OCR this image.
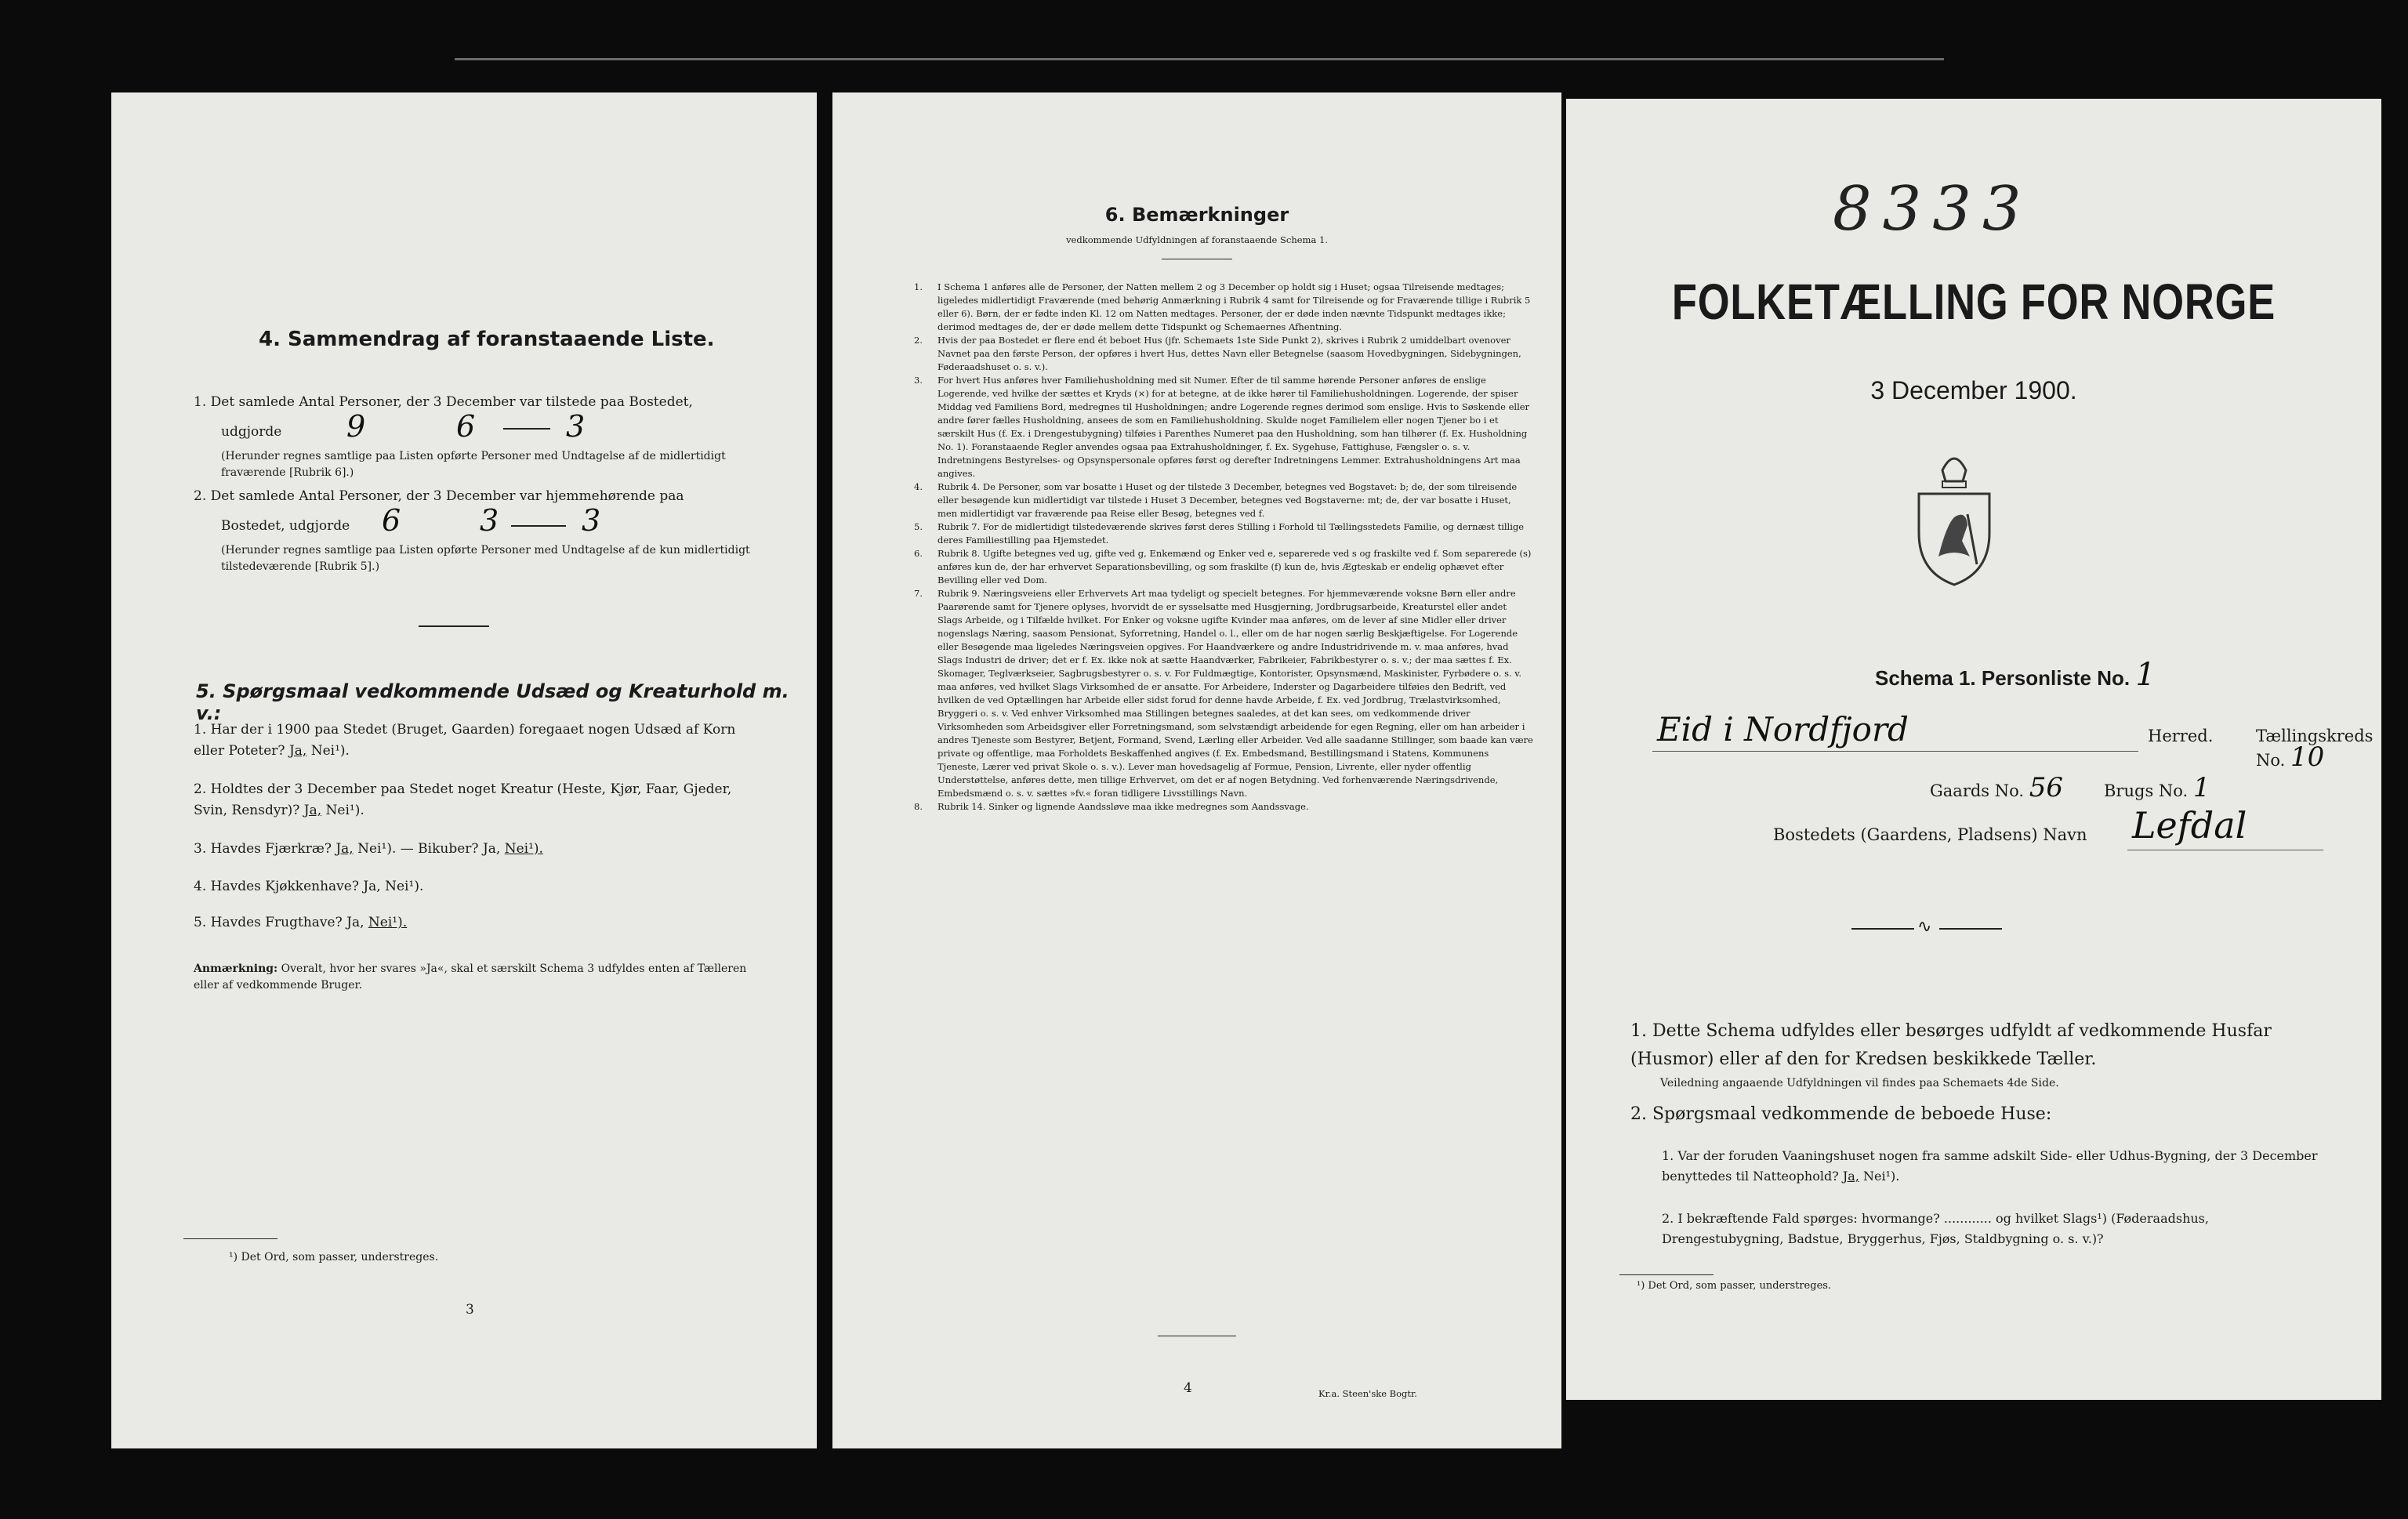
4. Sammendrag af foranstaaende Liste.
1. Det samlede Antal Personer, der 3 December var tilstede paa Bostedet,
udgjorde 9	6	3
(Herunder regnes samtlige paa Listen opførte Personer med Undtagelse af de midlertidigt fraværende [Rubrik 6].)
2. Det samlede Antal Personer, der 3 December var hjemmehørende paa
Bostedet, udgjorde 6	3	3
(Herunder regnes samtlige paa Listen opførte Personer med Undtagelse af de kun midlertidigt tilstedeværende [Rubrik 5].)
5. Spørgsmaal vedkommende Udsæd og Kreaturhold m. v.:
1. Har der i 1900 paa Stedet (Bruget, Gaarden) foregaaet nogen Udsæd af Korn eller Poteter? Ja, Nei¹).
2. Holdtes der 3 December paa Stedet noget Kreatur (Heste, Kjør, Faar, Gjeder, Svin, Rensdyr)? Ja, Nei¹).
3. Havdes Fjærkræ? Ja, Nei¹). — Bikuber? Ja, Nei¹).
4. Havdes Kjøkkenhave? Ja, Nei¹).
5. Havdes Frugthave? Ja, Nei¹).
Anmærkning: Overalt, hvor her svares »Ja«, skal et særskilt Schema 3 udfyldes enten af Tælleren eller af vedkommende Bruger.
¹) Det Ord, som passer, understreges.
3
6. Bemærkninger
vedkommende Udfyldningen af foranstaaende Schema 1.
1.	I Schema 1 anføres alle de Personer, der Natten mellem 2 og 3 December op holdt sig i Huset; ogsaa Tilreisende medtages; ligeledes midlertidigt Fraværende (med behørig Anmærkning i Rubrik 4 samt for Tilreisende og for Fraværende tillige i Rubrik 5 eller 6). Børn, der er fødte inden Kl. 12 om Natten medtages. Personer, der er døde inden nævnte Tidspunkt medtages ikke; derimod medtages de, der er døde mellem dette Tidspunkt og Schemaernes Afhentning.
2.	Hvis der paa Bostedet er flere end ét beboet Hus (jfr. Schemaets 1ste Side Punkt 2), skrives i Rubrik 2 umiddelbart ovenover Navnet paa den første Person, der opføres i hvert Hus, dettes Navn eller Betegnelse (saasom Hovedbygningen, Sidebygningen, Føderaadshuset o. s. v.).
3.	For hvert Hus anføres hver Familiehusholdning med sit Numer. Efter de til samme hørende Personer anføres de enslige Logerende, ved hvilke der sættes et Kryds (×) for at betegne, at de ikke hører til Familiehusholdningen. Logerende, der spiser Middag ved Familiens Bord, medregnes til Husholdningen; andre Logerende regnes derimod som enslige. Hvis to Søskende eller andre fører fælles Husholdning, ansees de som en Familiehusholdning. Skulde noget Familielem eller nogen Tjener bo i et særskilt Hus (f. Ex. i Drengestubygning) tilføies i Parenthes Numeret paa den Husholdning, som han tilhører (f. Ex. Husholdning No. 1). Foranstaaende Regler anvendes ogsaa paa Extrahusholdninger, f. Ex. Sygehuse, Fattighuse, Fængsler o. s. v. Indretningens Bestyrelses- og Opsynspersonale opføres først og derefter Indretningens Lemmer. Extrahusholdningens Art maa angives.
4.	Rubrik 4. De Personer, som var bosatte i Huset og der tilstede 3 December, betegnes ved Bogstavet: b; de, der som tilreisende eller besøgende kun midlertidigt var tilstede i Huset 3 December, betegnes ved Bogstaverne: mt; de, der var bosatte i Huset, men midlertidigt var fraværende paa Reise eller Besøg, betegnes ved f.
5.	Rubrik 7. For de midlertidigt tilstedeværende skrives først deres Stilling i Forhold til Tællingsstedets Familie, og dernæst tillige deres Familiestilling paa Hjemstedet.
6.	Rubrik 8. Ugifte betegnes ved ug, gifte ved g, Enkemænd og Enker ved e, separerede ved s og fraskilte ved f. Som separerede (s) anføres kun de, der har erhvervet Separationsbevilling, og som fraskilte (f) kun de, hvis Ægteskab er endelig ophævet efter Bevilling eller ved Dom.
7.	Rubrik 9. Næringsveiens eller Erhvervets Art maa tydeligt og specielt betegnes. For hjemmeværende voksne Børn eller andre Paarørende samt for Tjenere oplyses, hvorvidt de er sysselsatte med Husgjerning, Jordbrugsarbeide, Kreaturstel eller andet Slags Arbeide, og i Tilfælde hvilket. For Enker og voksne ugifte Kvinder maa anføres, om de lever af sine Midler eller driver nogenslags Næring, saasom Pensionat, Syforretning, Handel o. l., eller om de har nogen særlig Beskjæftigelse. For Logerende eller Besøgende maa ligeledes Næringsveien opgives. For Haandværkere og andre Industridrivende m. v. maa anføres, hvad Slags Industri de driver; det er f. Ex. ikke nok at sætte Haandværker, Fabrikeier, Fabrikbestyrer o. s. v.; der maa sættes f. Ex. Skomager, Teglværkseier, Sagbrugsbestyrer o. s. v. For Fuldmægtige, Kontorister, Opsynsmænd, Maskinister, Fyrbødere o. s. v. maa anføres, ved hvilket Slags Virksomhed de er ansatte. For Arbeidere, Inderster og Dagarbeidere tilføies den Bedrift, ved hvilken de ved Optællingen har Arbeide eller sidst forud for denne havde Arbeide, f. Ex. ved Jordbrug, Trælastvirksomhed, Bryggeri o. s. v. Ved enhver Virksomhed maa Stillingen betegnes saaledes, at det kan sees, om vedkommende driver Virksomheden som Arbeidsgiver eller Forretningsmand, som selvstændigt arbeidende for egen Regning, eller om han arbeider i andres Tjeneste som Bestyrer, Betjent, Formand, Svend, Lærling eller Arbeider. Ved alle saadanne Stillinger, som baade kan være private og offentlige, maa Forholdets Beskaffenhed angives (f. Ex. Embedsmand, Bestillingsmand i Statens, Kommunens Tjeneste, Lærer ved privat Skole o. s. v.). Lever man hovedsagelig af Formue, Pension, Livrente, eller nyder offentlig Understøttelse, anføres dette, men tillige Erhvervet, om det er af nogen Betydning. Ved forhenværende Næringsdrivende, Embedsmænd o. s. v. sættes »fv.« foran tidligere Livsstillings Navn.
8.	Rubrik 14. Sinker og lignende Aandssløve maa ikke medregnes som Aandssvage.
4	Kr.a. Steen'ske Bogtr.
8333
FOLKETÆLLING FOR NORGE
3 December 1900.
Schema 1. Personliste No. 1
Eid i Nordfjord	Herred.	Tællingskreds No. 10
Gaards No. 56 Brugs No. 1
Bostedets (Gaardens, Pladsens) Navn Lefdal
∿
1. Dette Schema udfyldes eller besørges udfyldt af vedkommende Husfar (Husmor) eller af den for Kredsen beskikkede Tæller.
Veiledning angaaende Udfyldningen vil findes paa Schemaets 4de Side.
2. Spørgsmaal vedkommende de beboede Huse:
1. Var der foruden Vaaningshuset nogen fra samme adskilt Side- eller Udhus-Bygning, der 3 December benyttedes til Natteophold? Ja, Nei¹).
2. I bekræftende Fald spørges: hvormange? ............ og hvilket Slags¹) (Føderaadshus, Drengestubygning, Badstue, Bryggerhus, Fjøs, Staldbygning o. s. v.)?
¹) Det Ord, som passer, understreges.
